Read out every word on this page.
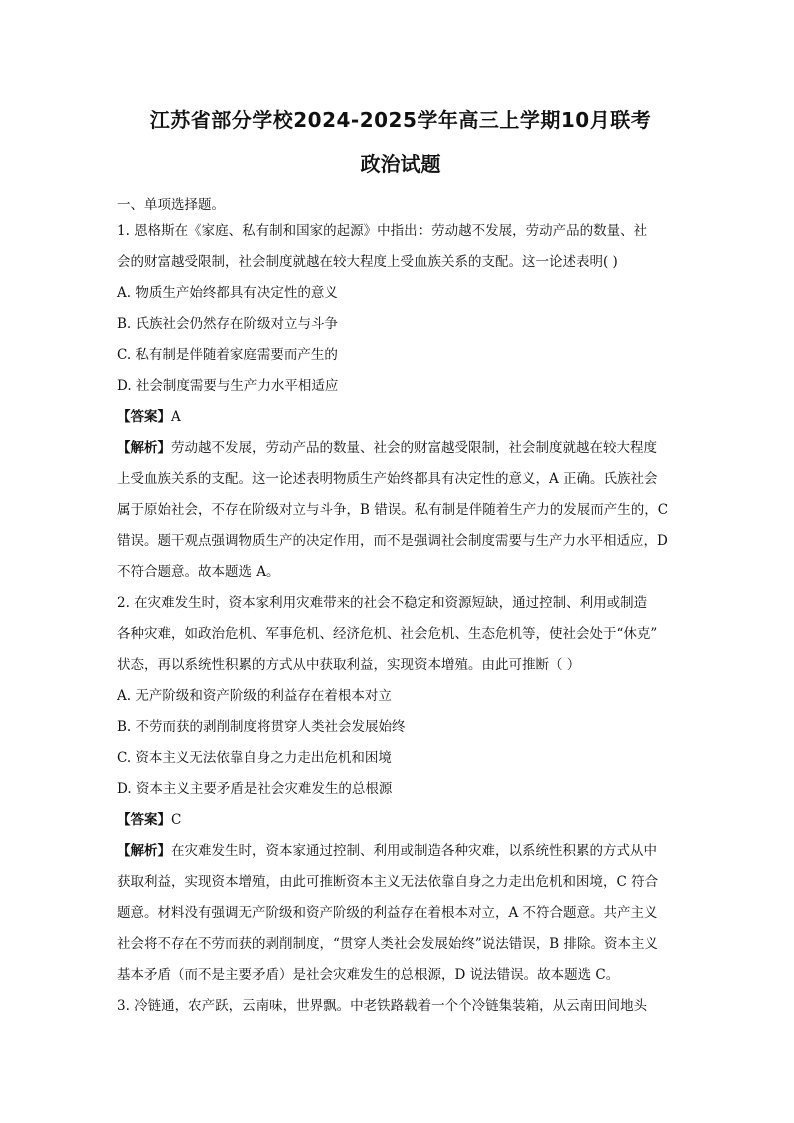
江苏省部分学校2024-2025学年高三上学期10月联考
政治试题
一、单项选择题。
1. 恩格斯在《家庭、私有制和国家的起源》中指出：劳动越不发展，劳动产品的数量、社
会的财富越受限制，社会制度就越在较大程度上受血族关系的支配。这一论述表明( )
A. 物质生产始终都具有决定性的意义
B. 氏族社会仍然存在阶级对立与斗争
C. 私有制是伴随着家庭需要而产生的
D. 社会制度需要与生产力水平相适应
【答案】A
【解析】劳动越不发展，劳动产品的数量、社会的财富越受限制，社会制度就越在较大程度
上受血族关系的支配。这一论述表明物质生产始终都具有决定性的意义，A 正确。氏族社会
属于原始社会，不存在阶级对立与斗争，B 错误。私有制是伴随着生产力的发展而产生的，C
错误。题干观点强调物质生产的决定作用，而不是强调社会制度需要与生产力水平相适应，D
不符合题意。故本题选 A。
2. 在灾难发生时，资本家利用灾难带来的社会不稳定和资源短缺，通过控制、利用或制造
各种灾难，如政治危机、军事危机、经济危机、社会危机、生态危机等，使社会处于“休克”
状态，再以系统性积累的方式从中获取利益，实现资本增殖。由此可推断（ ）
A. 无产阶级和资产阶级的利益存在着根本对立
B. 不劳而获的剥削制度将贯穿人类社会发展始终
C. 资本主义无法依靠自身之力走出危机和困境
D. 资本主义主要矛盾是社会灾难发生的总根源
【答案】C
【解析】在灾难发生时，资本家通过控制、利用或制造各种灾难，以系统性积累的方式从中
获取利益，实现资本增殖，由此可推断资本主义无法依靠自身之力走出危机和困境，C 符合
题意。材料没有强调无产阶级和资产阶级的利益存在着根本对立，A 不符合题意。共产主义
社会将不存在不劳而获的剥削制度，“贯穿人类社会发展始终”说法错误，B 排除。资本主义
基本矛盾（而不是主要矛盾）是社会灾难发生的总根源，D 说法错误。故本题选 C。
3. 冷链通，农产跃，云南味，世界飘。中老铁路载着一个个冷链集装箱，从云南田间地头
